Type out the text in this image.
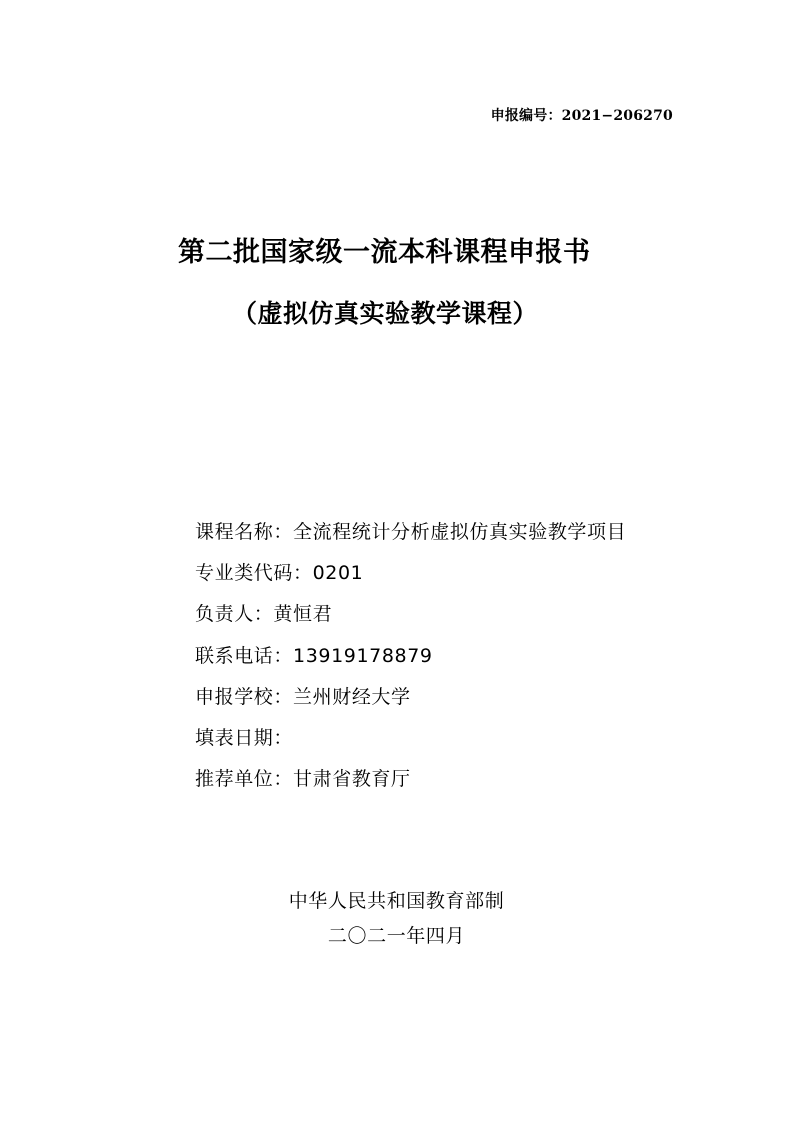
申报编号：2021−206270
第二批国家级一流本科课程申报书
（虚拟仿真实验教学课程）
课程名称：全流程统计分析虚拟仿真实验教学项目
专业类代码：0201
负责人：黄恒君
联系电话：13919178879
申报学校：兰州财经大学
填表日期：
推荐单位：甘肃省教育厅
中华人民共和国教育部制
二〇二一年四月
